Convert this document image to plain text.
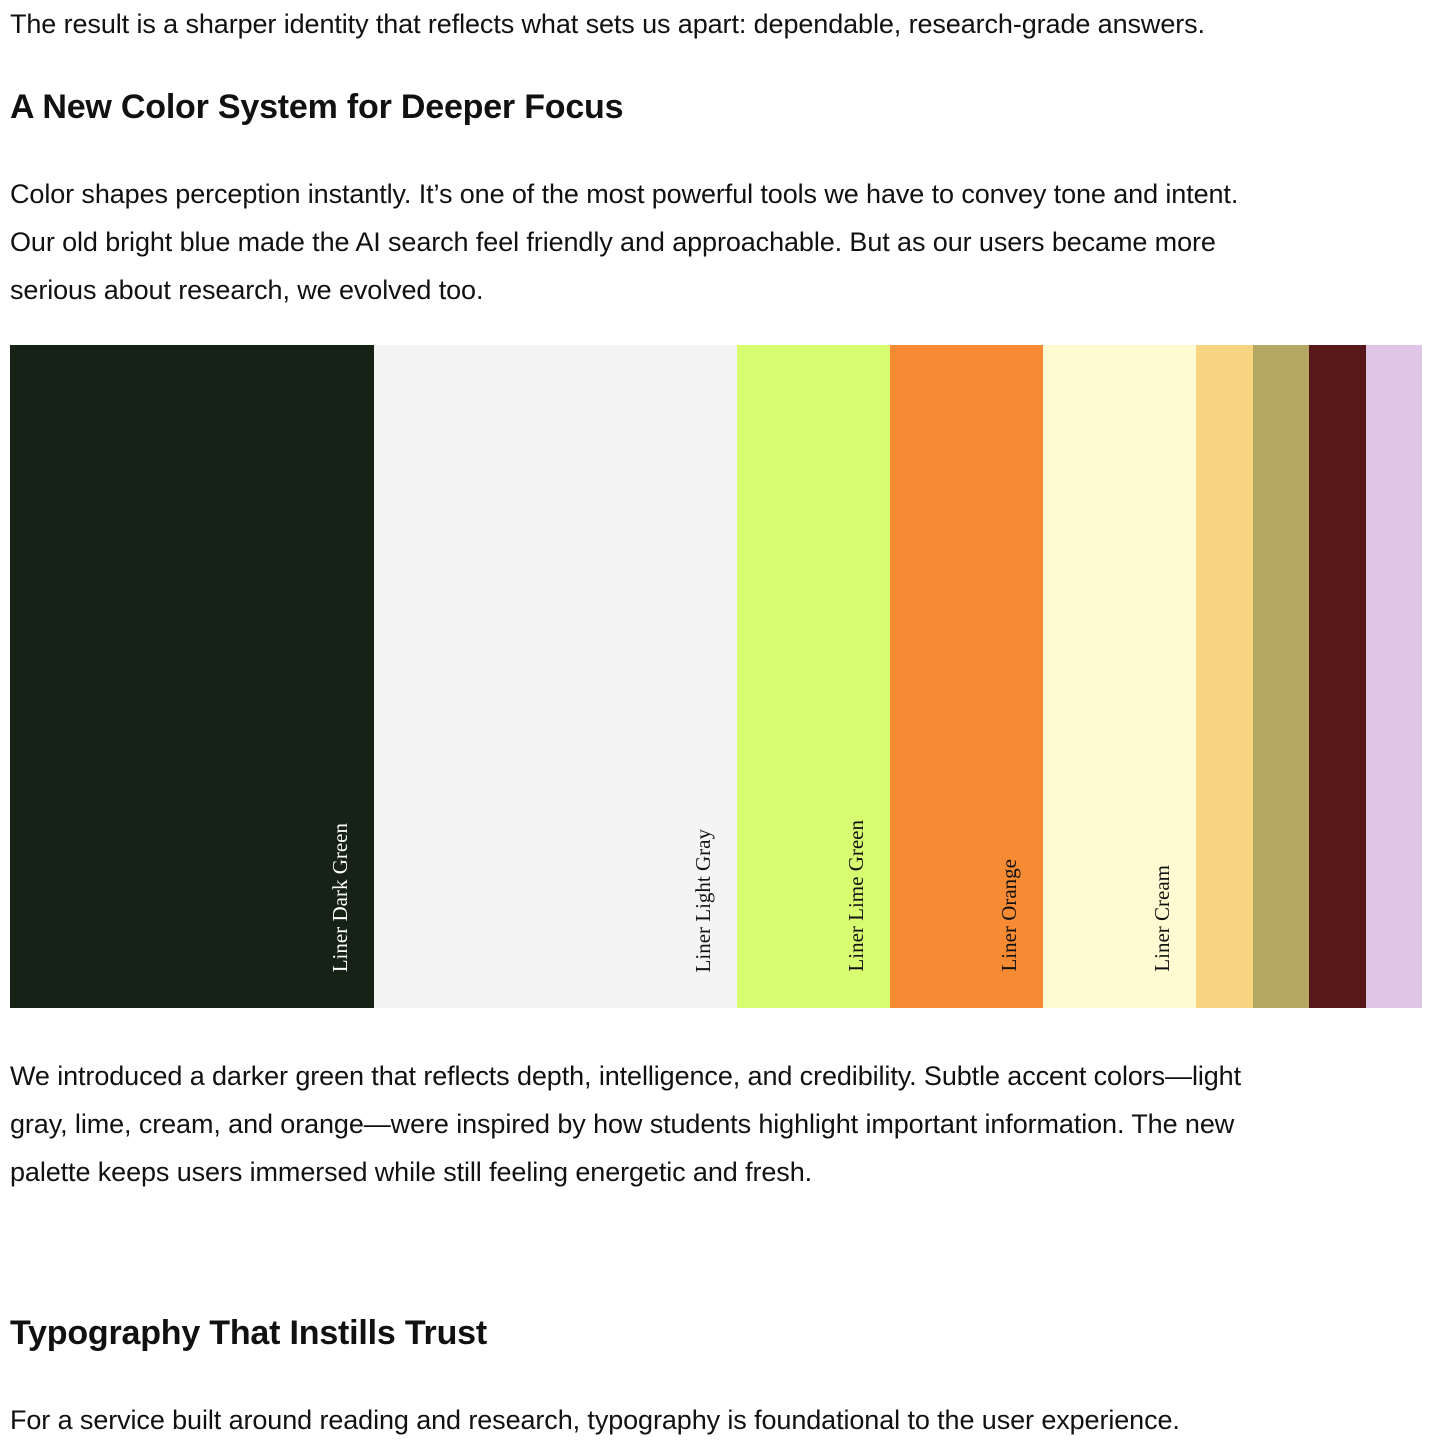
The result is a sharper identity that reflects what sets us apart: dependable, research-grade answers.

A New Color System for Deeper Focus

Color shapes perception instantly. It’s one of the most powerful tools we have to convey tone and intent.
Our old bright blue made the AI search feel friendly and approachable. But as our users became more
serious about research, we evolved too.

Liner Dark Green	Liner Light Gray	Liner Lime Green	Liner Orange	Liner Cream

We introduced a darker green that reflects depth, intelligence, and credibility. Subtle accent colors—light
gray, lime, cream, and orange—were inspired by how students highlight important information. The new
palette keeps users immersed while still feeling energetic and fresh.

Typography That Instills Trust

For a service built around reading and research, typography is foundational to the user experience.
